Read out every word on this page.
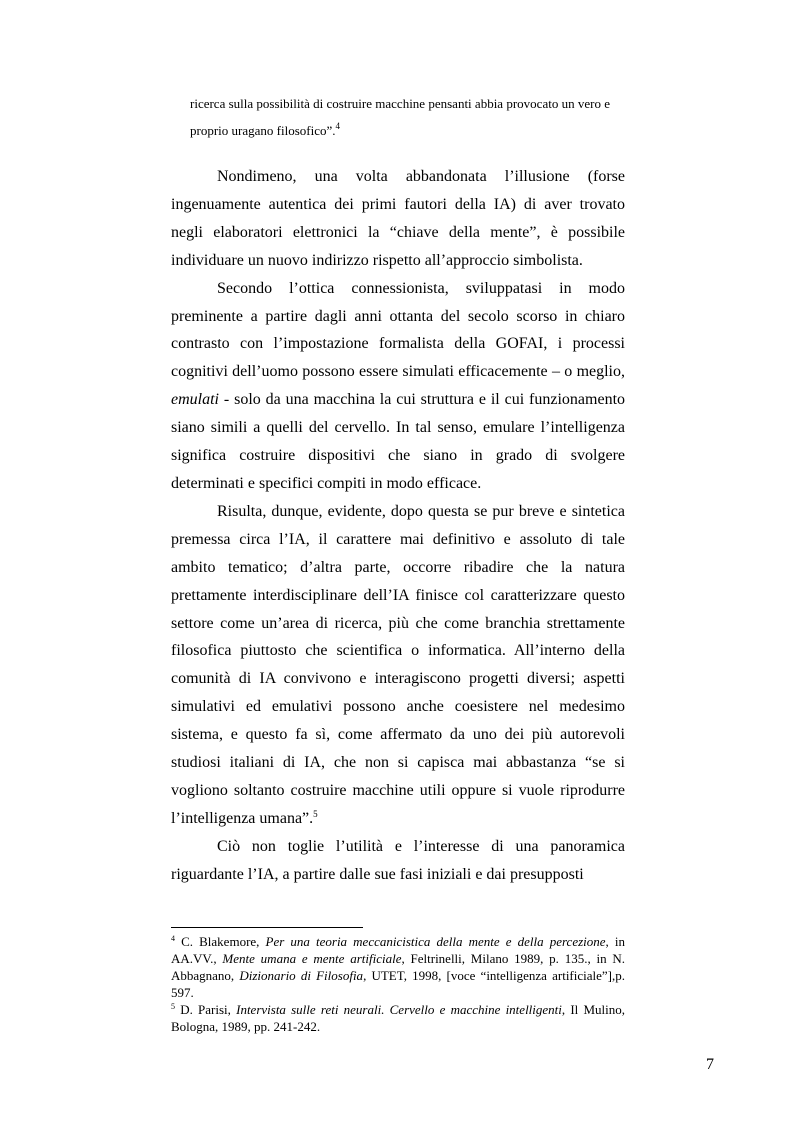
ricerca sulla possibilità di costruire macchine pensanti abbia provocato un vero e proprio uragano filosofico”.$^4$

Nondimeno, una volta abbandonata l’illusione (forse ingenuamente autentica dei primi fautori della IA) di aver trovato negli elaboratori elettronici la “chiave della mente”, è possibile individuare un nuovo indirizzo rispetto all’approccio simbolista.

Secondo l’ottica connessionista, sviluppatasi in modo preminente a partire dagli anni ottanta del secolo scorso in chiaro contrasto con l’impostazione formalista della GOFAI, i processi cognitivi dell’uomo possono essere simulati efficacemente – o meglio, emulati - solo da una macchina la cui struttura e il cui funzionamento siano simili a quelli del cervello. In tal senso, emulare l’intelligenza significa costruire dispositivi che siano in grado di svolgere determinati e specifici compiti in modo efficace.

Risulta, dunque, evidente, dopo questa se pur breve e sintetica premessa circa l’IA, il carattere mai definitivo e assoluto di tale ambito tematico; d’altra parte, occorre ribadire che la natura prettamente interdisciplinare dell’IA finisce col caratterizzare questo settore come un’area di ricerca, più che come branchia strettamente filosofica piuttosto che scientifica o informatica. All’interno della comunità di IA convivono e interagiscono progetti diversi; aspetti simulativi ed emulativi possono anche coesistere nel medesimo sistema, e questo fa sì, come affermato da uno dei più autorevoli studiosi italiani di IA, che non si capisca mai abbastanza “se si vogliono soltanto costruire macchine utili oppure si vuole riprodurre l’intelligenza umana”.$^5$

Ciò non toglie l’utilità e l’interesse di una panoramica riguardante l’IA, a partire dalle sue fasi iniziali e dai presupposti

$^4$ C. Blakemore, Per una teoria meccanicistica della mente e della percezione, in AA.VV., Mente umana e mente artificiale, Feltrinelli, Milano 1989, p. 135., in N. Abbagnano, Dizionario di Filosofia, UTET, 1998, [voce “intelligenza artificiale”],p. 597.

$^5$ D. Parisi, Intervista sulle reti neurali. Cervello e macchine intelligenti, Il Mulino, Bologna, 1989, pp. 241-242.

7
